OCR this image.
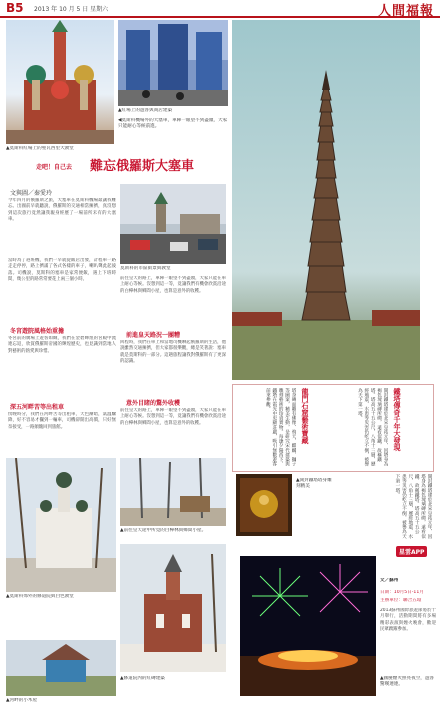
B5 2013 年 10 月 5 日 星期六	人間福報
▲莫斯科紅場上的聖瓦西里大教堂
▲紅場上的遊客與商店建築
◀莫斯科機場外的大塞車，車陣一眼望不到盡頭，大家只能耐心等候前進。
走吧！自己去 難忘俄羅斯大塞車
文與圖／秦愛玲
今年四月的俄羅斯之旅，大塞車在莫斯科機場最讓我難忘。出國前早就聽說，俄羅斯的交通相當擁擠，真沒想到這次旅行竟然讓我親身經歷了一場前所未有的大塞車。
當時為了趕班機，我們一早就從飯店出發，計程車一路走走停停，路上擠滿了各式各樣的車子，喇叭聲此起彼落。司機說，莫斯科的塞車是家常便飯，遇上下班時間，幾公里的路常常要花上兩三個小時。
冬宮遊院風格始重擔
冬宮前的廣場上遊客如織，我們在金碧輝煌的宮殿中流連忘返，欣賞俄羅斯帝國的輝煌歷史，也見識到當地人對藝術的熱愛與珍惜。
深五河畔苦等出租車
傍晚時分，我們在河畔苦等出租車，天色漸暗，氣溫驟降，好不容易才攔到一輛車，司機卻開出高價，只好無奈接受，一路顛簸回到旅館。
莫斯科的市區街景與教堂
前往皇天的路上，車陣一眼望不到盡頭，大家只能在車上耐心等候。沒想到這一等，竟讓我們有機會欣賞沿途的白樺林與鄉間小屋，也算是意外的收穫。
前進皇天路況一團糟
回程時，我們在車上和當地司機聊起俄羅斯的生活，他說雖然交通擁擠，但大家都很樂觀，總是笑著說：塞車就是莫斯科的一部分。這趟旅程讓我對俄羅斯有了更深的認識。
意外目睹的驚外收穫
前往皇天的路上，車陣一眼望不到盡頭，大家只能在車上耐心等候。沒想到這一等，竟讓我們有機會欣賞沿途的白樺林與鄉間小屋，也算是意外的收穫。
▲莫斯科郊外的修道院與白色教堂
▲河畔的小木屋
▲前往皇天途中所見的白樺林與鄉間小屋。
▲修道院內的紅磚建築
鐵塔傳奇千年大發現
開封鐵塔建於北宋皇祐元年，因塔身為褐色琉璃磚所砌，遠看似鐵，故稱鐵塔。塔高五十五公尺，八角十三層，歷經地震、水患等災害仍屹立不倒，被譽為天下第一塔。
龍門石窟藝術寶藏
塔身磚面雕有佛像、飛天、麒麟、獅子等圖案，精美生動，是研究宋代建築與雕刻藝術的珍貴實物。每逢夕陽西下，鐵塔在霞光中更顯莊嚴，吸引無數遊客前來參觀。
▲開封鐵塔塔身雕刻精美	開封鐵塔建於北宋皇祐元年，因塔身為褐色琉璃磚所砌，遠看似鐵，故稱鐵塔。塔高五十五公尺，八角十三層，歷經地震、水患等災害仍屹立不倒，被譽為天下第一塔。
星雲APP
文／蘇州
日期：10月5日-11月
主辦單位：聯合五環
2013蘇州國際旅遊節將於十月舉行，活動期間將有多場精彩表演與煙火晚會，歡迎民眾踴躍參加。
▲國慶煙火照亮夜空，遊客驚嘆連連。
